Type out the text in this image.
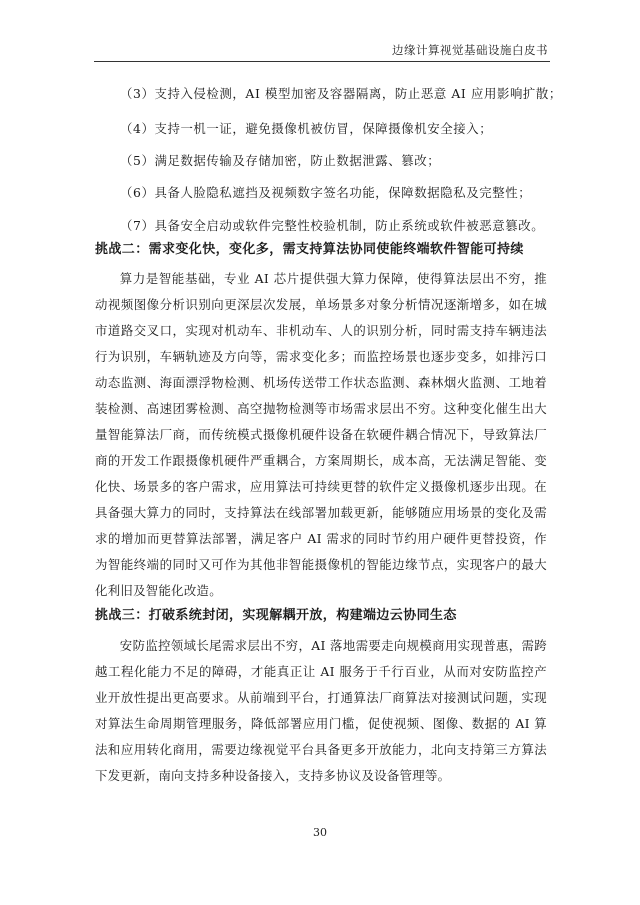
边缘计算视觉基础设施白皮书
（3）支持入侵检测，AI 模型加密及容器隔离，防止恶意 AI 应用影响扩散；
（4）支持一机一证，避免摄像机被仿冒，保障摄像机安全接入；
（5）满足数据传输及存储加密，防止数据泄露、篡改；
（6）具备人脸隐私遮挡及视频数字签名功能，保障数据隐私及完整性；
（7）具备安全启动或软件完整性校验机制，防止系统或软件被恶意篡改。
挑战二：需求变化快，变化多，需支持算法协同使能终端软件智能可持续

算力是智能基础，专业 AI 芯片提供强大算力保障，使得算法层出不穷，推动视频图像分析识别向更深层次发展，单场景多对象分析情况逐渐增多，如在城市道路交叉口，实现对机动车、非机动车、人的识别分析，同时需支持车辆违法行为识别，车辆轨迹及方向等，需求变化多；而监控场景也逐步变多，如排污口动态监测、海面漂浮物检测、机场传送带工作状态监测、森林烟火监测、工地着装检测、高速团雾检测、高空抛物检测等市场需求层出不穷。这种变化催生出大量智能算法厂商，而传统模式摄像机硬件设备在软硬件耦合情况下，导致算法厂商的开发工作跟摄像机硬件严重耦合，方案周期长，成本高，无法满足智能、变化快、场景多的客户需求，应用算法可持续更替的软件定义摄像机逐步出现。在具备强大算力的同时，支持算法在线部署加载更新，能够随应用场景的变化及需求的增加而更替算法部署，满足客户 AI 需求的同时节约用户硬件更替投资，作为智能终端的同时又可作为其他非智能摄像机的智能边缘节点，实现客户的最大化利旧及智能化改造。

挑战三：打破系统封闭，实现解耦开放，构建端边云协同生态

安防监控领域长尾需求层出不穷，AI 落地需要走向规模商用实现普惠，需跨越工程化能力不足的障碍，才能真正让 AI 服务于千行百业，从而对安防监控产业开放性提出更高要求。从前端到平台，打通算法厂商算法对接测试问题，实现对算法生命周期管理服务，降低部署应用门槛，促使视频、图像、数据的 AI 算法和应用转化商用，需要边缘视觉平台具备更多开放能力，北向支持第三方算法下发更新，南向支持多种设备接入，支持多协议及设备管理等。

30
